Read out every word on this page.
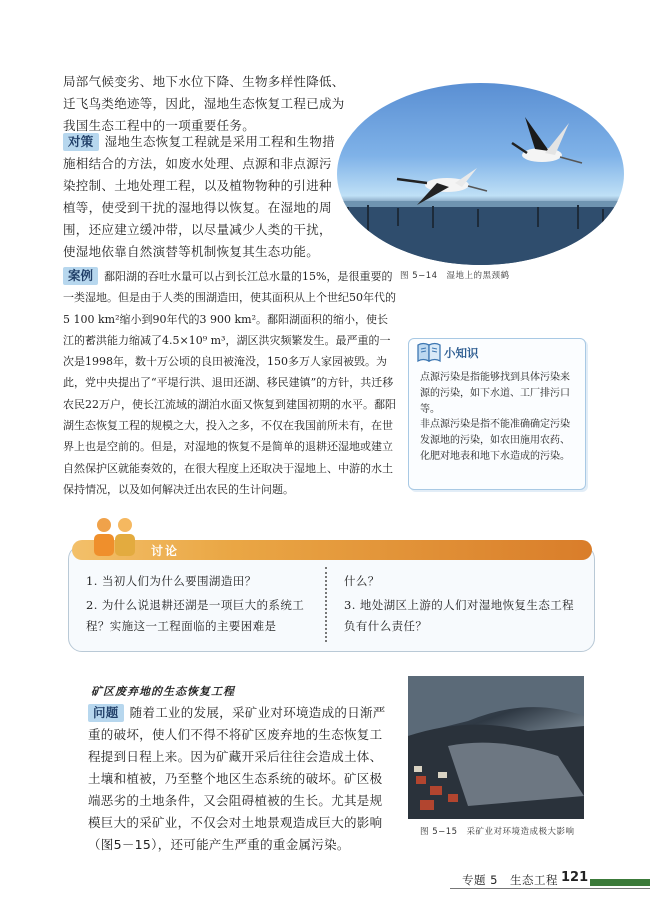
局部气候变劣、地下水位下降、生物多样性降低、迁飞鸟类绝迹等，因此，湿地生态恢复工程已成为我国生态工程中的一项重要任务。
对策 湿地生态恢复工程就是采用工程和生物措施相结合的方法，如废水处理、点源和非点源污染控制、土地处理工程，以及植物物种的引进种植等，使受到干扰的湿地得以恢复。在湿地的周围，还应建立缓冲带，以尽量减少人类的干扰，使湿地依靠自然演替等机制恢复其生态功能。
图 5−14　湿地上的黑颈鹤
案例 鄱阳湖的吞吐水量可以占到长江总水量的15%，是很重要的一类湿地。但是由于人类的围湖造田，使其面积从上个世纪50年代的5 100 km²缩小到90年代的3 900 km²。鄱阳湖面积的缩小，使长江的蓄洪能力缩减了4.5×10⁹ m³，湖区洪灾频繁发生。最严重的一次是1998年，数十万公顷的良田被淹没，150多万人家园被毁。为此，党中央提出了“平堤行洪、退田还湖、移民建镇”的方针，共迁移农民22万户，使长江流域的湖泊水面又恢复到建国初期的水平。鄱阳湖生态恢复工程的规模之大，投入之多，不仅在我国前所未有，在世界上也是空前的。但是，对湿地的恢复不是简单的退耕还湿地或建立自然保护区就能奏效的，在很大程度上还取决于湿地上、中游的水土保持情况，以及如何解决迁出农民的生计问题。
小知识
点源污染是指能够找到具体污染来源的污染，如下水道、工厂排污口等。
非点源污染是指不能准确确定污染发源地的污染，如农田施用农药、化肥对地表和地下水造成的污染。
讨论
1. 当初人们为什么要围湖造田？
2. 为什么说退耕还湖是一项巨大的系统工程？实施这一工程面临的主要困难是
什么？
3. 地处湖区上游的人们对湿地恢复生态工程负有什么责任？
矿区废弃地的生态恢复工程
问题 随着工业的发展，采矿业对环境造成的日渐严重的破坏，使人们不得不将矿区废弃地的生态恢复工程提到日程上来。因为矿藏开采后往往会造成土体、土壤和植被，乃至整个地区生态系统的破坏。矿区极端恶劣的土地条件，又会阻碍植被的生长。尤其是规模巨大的采矿业，不仅会对土地景观造成巨大的影响（图5－15），还可能产生严重的重金属污染。
图 5−15　采矿业对环境造成极大影响
专题 5　生态工程 121
